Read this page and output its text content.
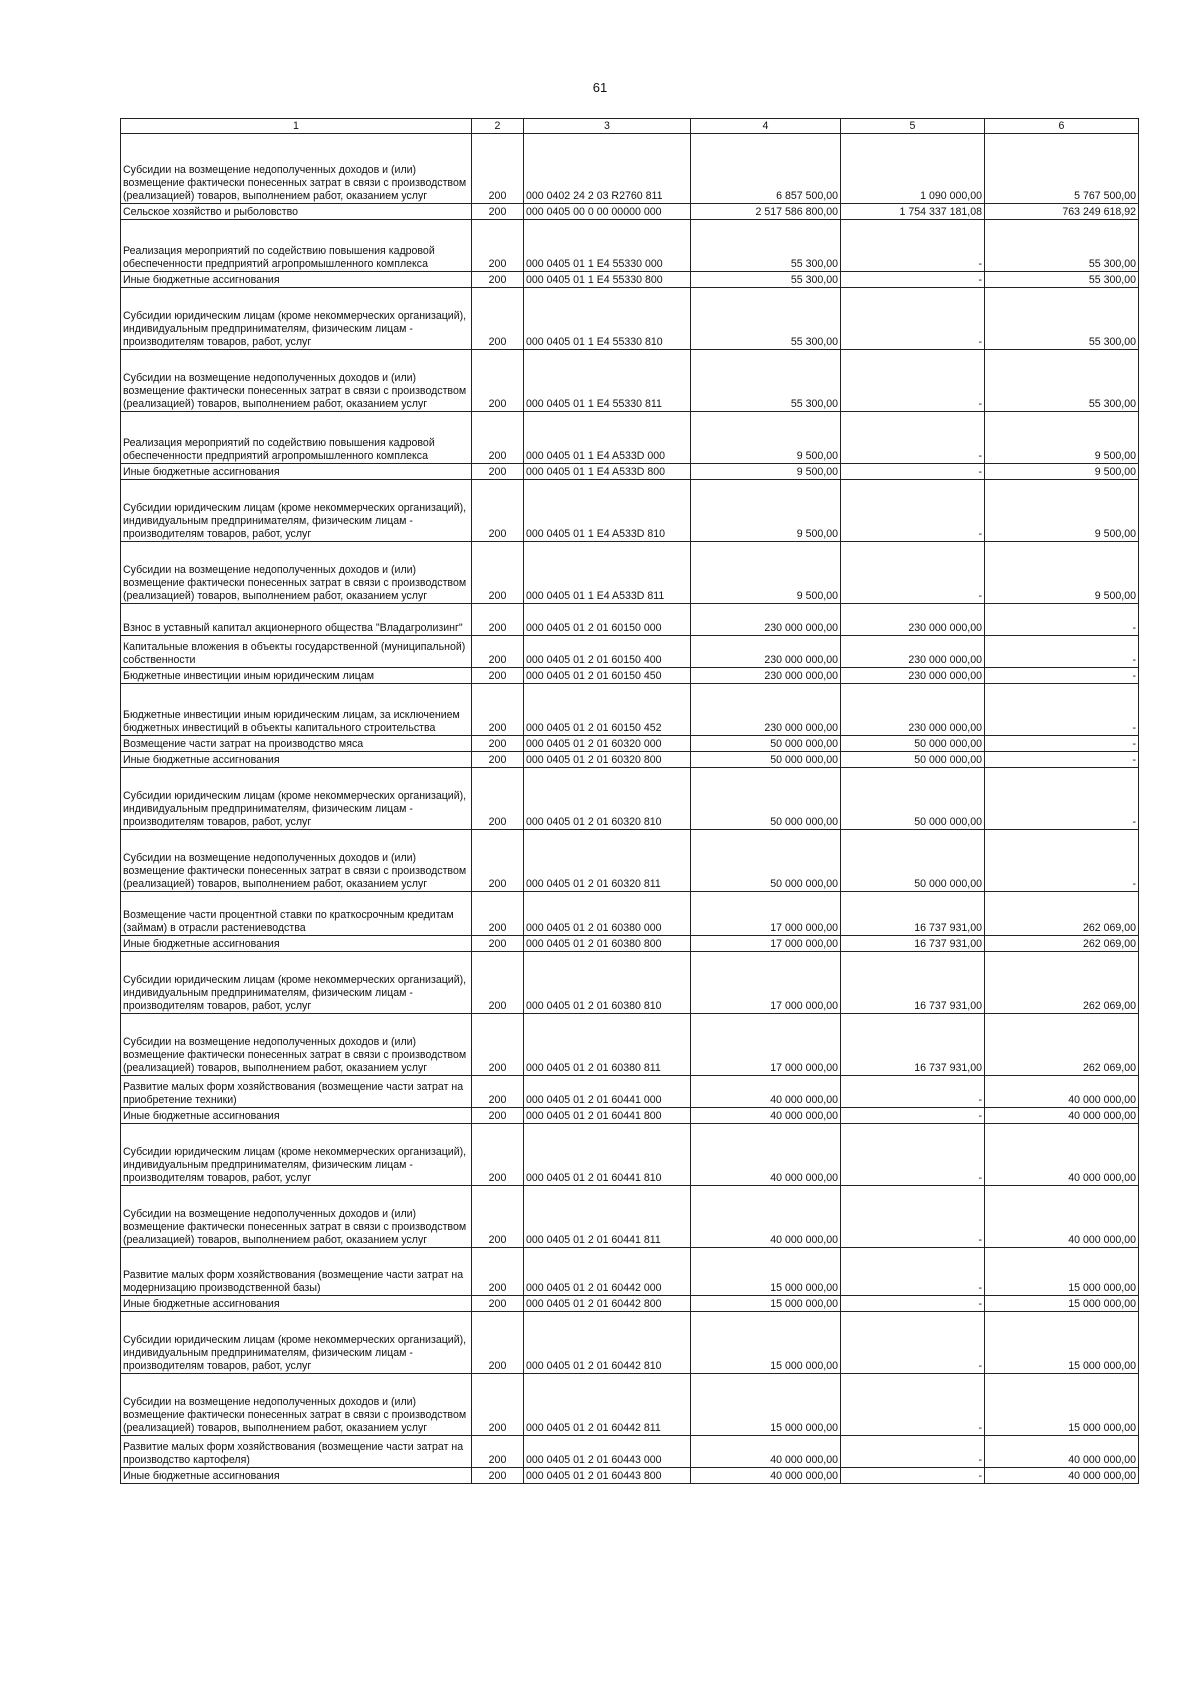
61
1	2	3	4	5	6
Субсидии на возмещение недополученных доходов и (или) возмещение фактически понесенных затрат в связи с производством (реализацией) товаров, выполнением работ, оказанием услуг	200	000 0402 24 2 03 R2760 811	6 857 500,00	1 090 000,00	5 767 500,00
Сельское хозяйство и рыболовство	200	000 0405 00 0 00 00000 000	2 517 586 800,00	1 754 337 181,08	763 249 618,92
Реализация мероприятий по содействию повышения кадровой обеспеченности предприятий агропромышленного комплекса	200	000 0405 01 1 E4 55330 000	55 300,00	-	55 300,00
Иные бюджетные ассигнования	200	000 0405 01 1 E4 55330 800	55 300,00	-	55 300,00
Субсидии юридическим лицам (кроме некоммерческих организаций), индивидуальным предпринимателям, физическим лицам - производителям товаров, работ, услуг	200	000 0405 01 1 E4 55330 810	55 300,00	-	55 300,00
Субсидии на возмещение недополученных доходов и (или) возмещение фактически понесенных затрат в связи с производством (реализацией) товаров, выполнением работ, оказанием услуг	200	000 0405 01 1 E4 55330 811	55 300,00	-	55 300,00
Реализация мероприятий по содействию повышения кадровой обеспеченности предприятий агропромышленного комплекса	200	000 0405 01 1 E4 A533D 000	9 500,00	-	9 500,00
Иные бюджетные ассигнования	200	000 0405 01 1 E4 A533D 800	9 500,00	-	9 500,00
Субсидии юридическим лицам (кроме некоммерческих организаций), индивидуальным предпринимателям, физическим лицам - производителям товаров, работ, услуг	200	000 0405 01 1 E4 A533D 810	9 500,00	-	9 500,00
Субсидии на возмещение недополученных доходов и (или) возмещение фактически понесенных затрат в связи с производством (реализацией) товаров, выполнением работ, оказанием услуг	200	000 0405 01 1 E4 A533D 811	9 500,00	-	9 500,00
Взнос в уставный капитал акционерного общества "Владагролизинг"	200	000 0405 01 2 01 60150 000	230 000 000,00	230 000 000,00	-
Капитальные вложения в объекты государственной (муниципальной) собственности	200	000 0405 01 2 01 60150 400	230 000 000,00	230 000 000,00	-
Бюджетные инвестиции иным юридическим лицам	200	000 0405 01 2 01 60150 450	230 000 000,00	230 000 000,00	-
Бюджетные инвестиции иным юридическим лицам, за исключением бюджетных инвестиций в объекты капитального строительства	200	000 0405 01 2 01 60150 452	230 000 000,00	230 000 000,00	-
Возмещение части затрат на производство мяса	200	000 0405 01 2 01 60320 000	50 000 000,00	50 000 000,00	-
Иные бюджетные ассигнования	200	000 0405 01 2 01 60320 800	50 000 000,00	50 000 000,00	-
Субсидии юридическим лицам (кроме некоммерческих организаций), индивидуальным предпринимателям, физическим лицам - производителям товаров, работ, услуг	200	000 0405 01 2 01 60320 810	50 000 000,00	50 000 000,00	-
Субсидии на возмещение недополученных доходов и (или) возмещение фактически понесенных затрат в связи с производством (реализацией) товаров, выполнением работ, оказанием услуг	200	000 0405 01 2 01 60320 811	50 000 000,00	50 000 000,00	-
Возмещение части процентной ставки по краткосрочным кредитам (займам) в отрасли растениеводства	200	000 0405 01 2 01 60380 000	17 000 000,00	16 737 931,00	262 069,00
Иные бюджетные ассигнования	200	000 0405 01 2 01 60380 800	17 000 000,00	16 737 931,00	262 069,00
Субсидии юридическим лицам (кроме некоммерческих организаций), индивидуальным предпринимателям, физическим лицам - производителям товаров, работ, услуг	200	000 0405 01 2 01 60380 810	17 000 000,00	16 737 931,00	262 069,00
Субсидии на возмещение недополученных доходов и (или) возмещение фактически понесенных затрат в связи с производством (реализацией) товаров, выполнением работ, оказанием услуг	200	000 0405 01 2 01 60380 811	17 000 000,00	16 737 931,00	262 069,00
Развитие малых форм хозяйствования (возмещение части затрат на приобретение техники)	200	000 0405 01 2 01 60441 000	40 000 000,00	-	40 000 000,00
Иные бюджетные ассигнования	200	000 0405 01 2 01 60441 800	40 000 000,00	-	40 000 000,00
Субсидии юридическим лицам (кроме некоммерческих организаций), индивидуальным предпринимателям, физическим лицам - производителям товаров, работ, услуг	200	000 0405 01 2 01 60441 810	40 000 000,00	-	40 000 000,00
Субсидии на возмещение недополученных доходов и (или) возмещение фактически понесенных затрат в связи с производством (реализацией) товаров, выполнением работ, оказанием услуг	200	000 0405 01 2 01 60441 811	40 000 000,00	-	40 000 000,00
Развитие малых форм хозяйствования (возмещение части затрат на модернизацию производственной базы)	200	000 0405 01 2 01 60442 000	15 000 000,00	-	15 000 000,00
Иные бюджетные ассигнования	200	000 0405 01 2 01 60442 800	15 000 000,00	-	15 000 000,00
Субсидии юридическим лицам (кроме некоммерческих организаций), индивидуальным предпринимателям, физическим лицам - производителям товаров, работ, услуг	200	000 0405 01 2 01 60442 810	15 000 000,00	-	15 000 000,00
Субсидии на возмещение недополученных доходов и (или) возмещение фактически понесенных затрат в связи с производством (реализацией) товаров, выполнением работ, оказанием услуг	200	000 0405 01 2 01 60442 811	15 000 000,00	-	15 000 000,00
Развитие малых форм хозяйствования (возмещение части затрат на производство картофеля)	200	000 0405 01 2 01 60443 000	40 000 000,00	-	40 000 000,00
Иные бюджетные ассигнования	200	000 0405 01 2 01 60443 800	40 000 000,00	-	40 000 000,00
